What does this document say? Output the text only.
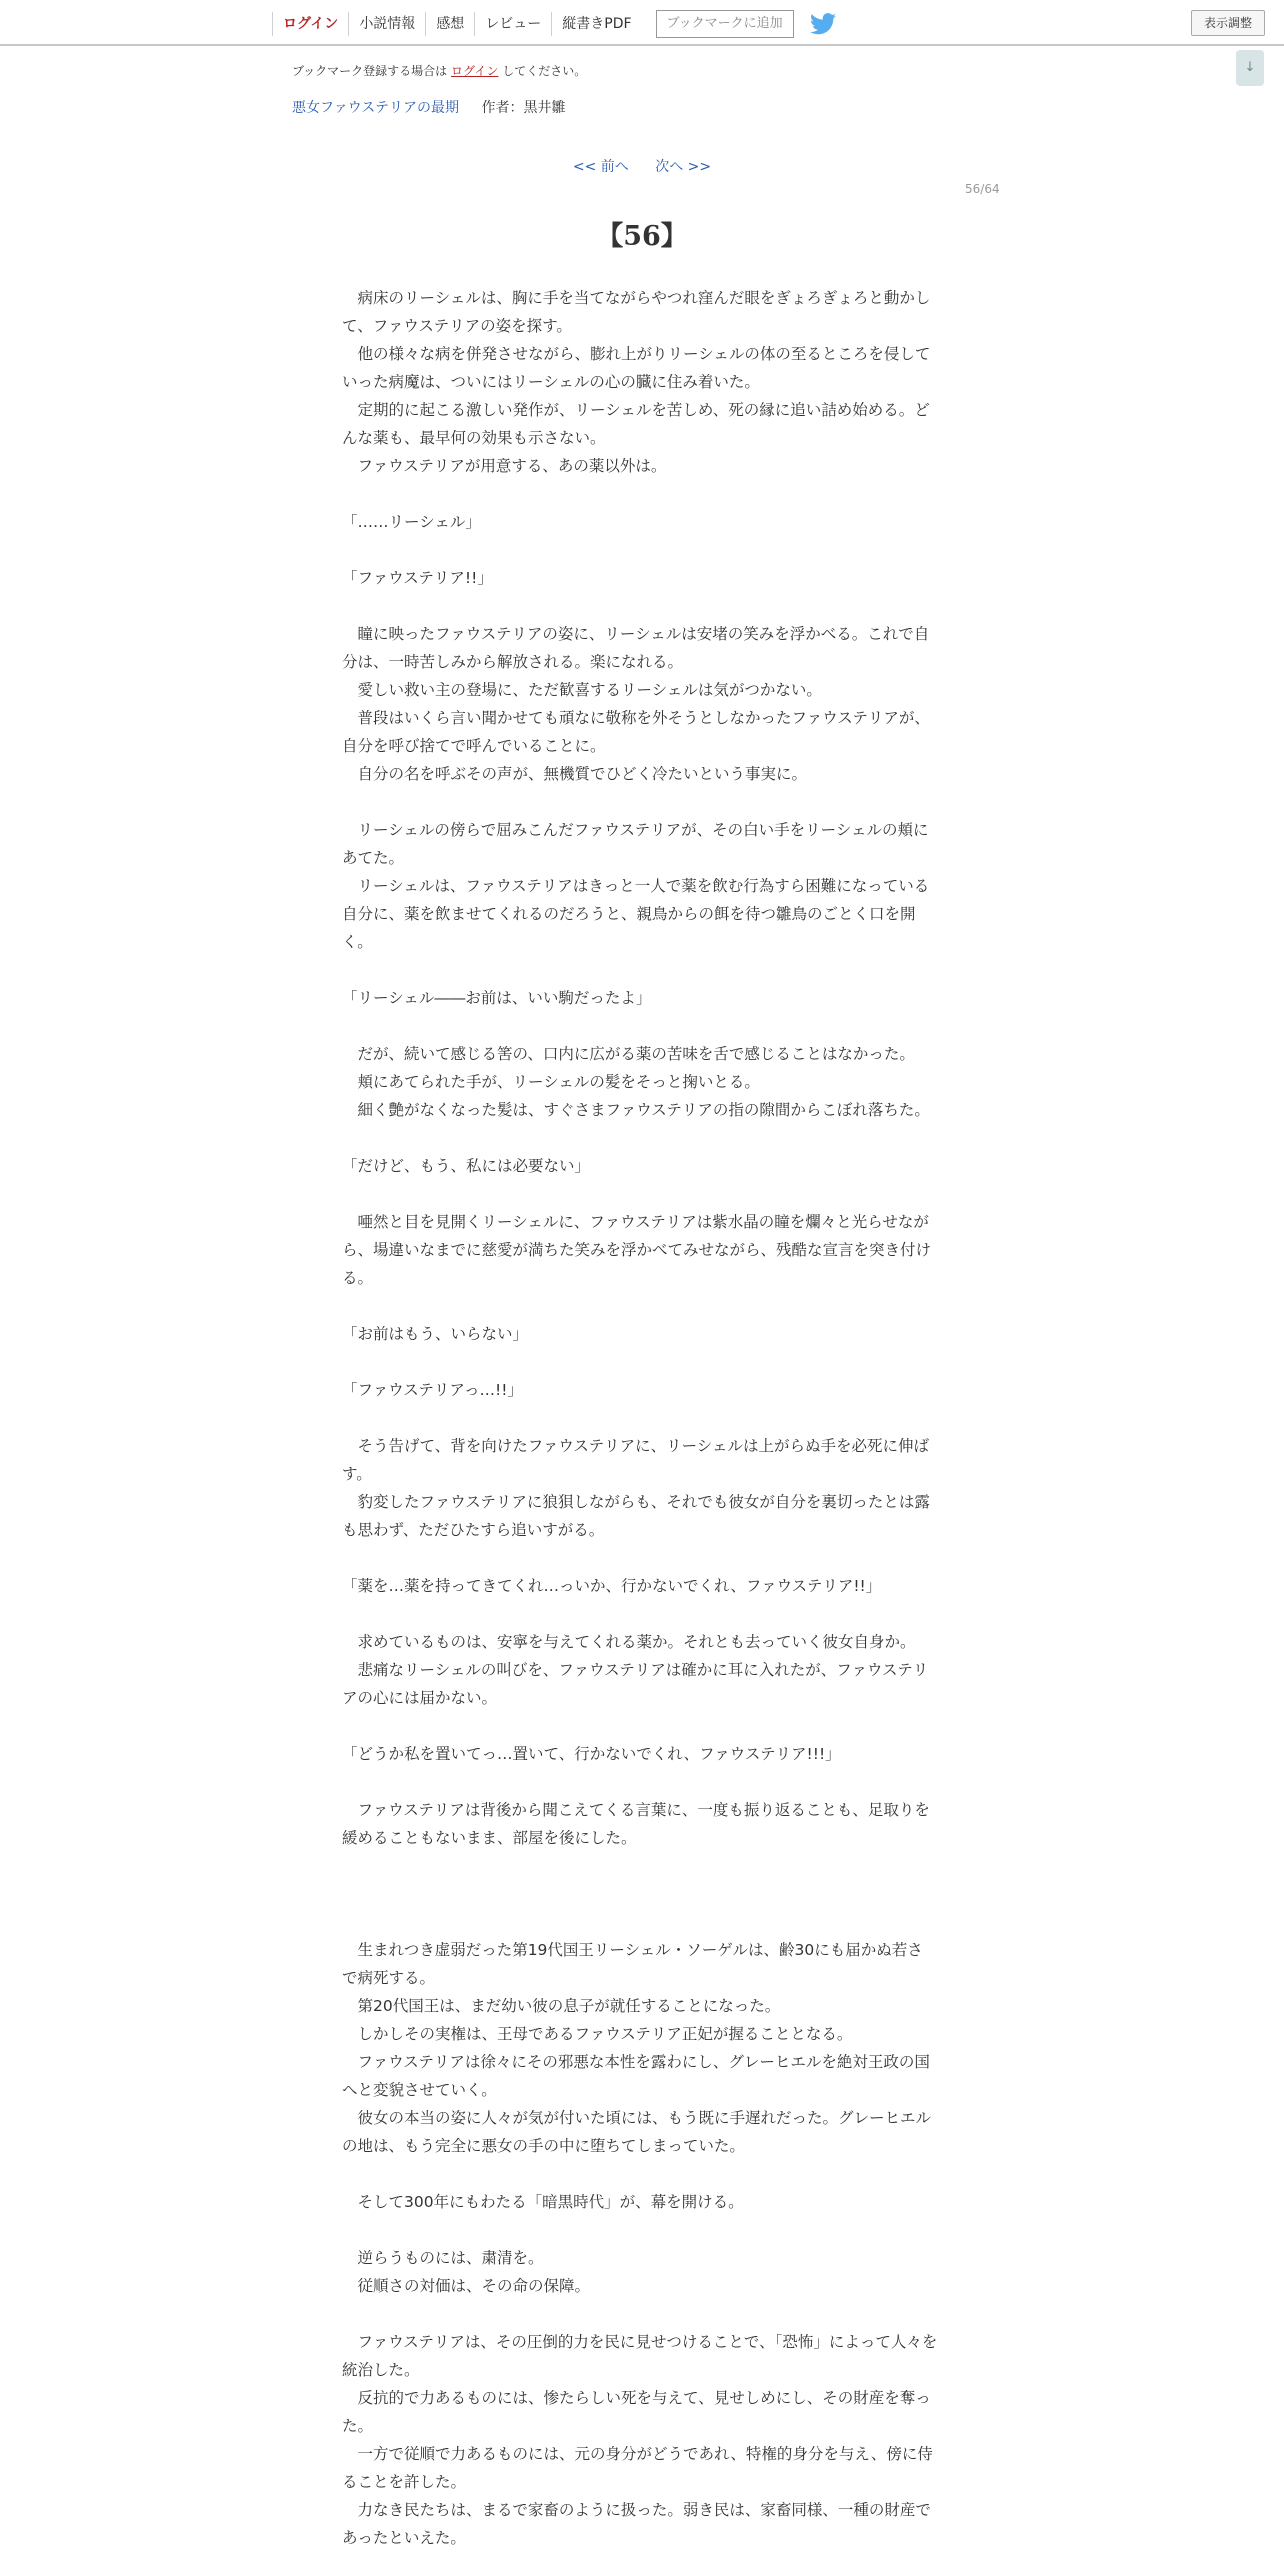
ログイン	小説情報	感想	レビュー	縦書きPDF	ブックマークに追加	表示調整
↓
ブックマーク登録する場合は ログイン してください。
悪女ファウステリアの最期 作者：黒井雛
<< 前へ 次へ >>
56/64
【56】

　病床のリーシェルは、胸に手を当てながらやつれ窪んだ眼をぎょろぎょろと動かして、ファウステリアの姿を探す。

　他の様々な病を併発させながら、膨れ上がりリーシェルの体の至るところを侵していった病魔は、ついにはリーシェルの心の臓に住み着いた。

　定期的に起こる激しい発作が、リーシェルを苦しめ、死の縁に追い詰め始める。どんな薬も、最早何の効果も示さない。

　ファウステリアが用意する、あの薬以外は。

「……リーシェル」

「ファウステリア!!」

　瞳に映ったファウステリアの姿に、リーシェルは安堵の笑みを浮かべる。これで自分は、一時苦しみから解放される。楽になれる。

　愛しい救い主の登場に、ただ歓喜するリーシェルは気がつかない。

　普段はいくら言い聞かせても頑なに敬称を外そうとしなかったファウステリアが、自分を呼び捨てで呼んでいることに。

　自分の名を呼ぶその声が、無機質でひどく冷たいという事実に。

　リーシェルの傍らで屈みこんだファウステリアが、その白い手をリーシェルの頬にあてた。

　リーシェルは、ファウステリアはきっと一人で薬を飲む行為すら困難になっている自分に、薬を飲ませてくれるのだろうと、親鳥からの餌を待つ雛鳥のごとく口を開く。

「リーシェル――お前は、いい駒だったよ」

　だが、続いて感じる筈の、口内に広がる薬の苦味を舌で感じることはなかった。

　頬にあてられた手が、リーシェルの髪をそっと掬いとる。

　細く艶がなくなった髪は、すぐさまファウステリアの指の隙間からこぼれ落ちた。

「だけど、もう、私には必要ない」

　唖然と目を見開くリーシェルに、ファウステリアは紫水晶の瞳を爛々と光らせながら、場違いなまでに慈愛が満ちた笑みを浮かべてみせながら、残酷な宣言を突き付ける。

「お前はもう、いらない」

「ファウステリアっ…!!」

　そう告げて、背を向けたファウステリアに、リーシェルは上がらぬ手を必死に伸ばす。

　豹変したファウステリアに狼狽しながらも、それでも彼女が自分を裏切ったとは露も思わず、ただひたすら追いすがる。

「薬を…薬を持ってきてくれ…っいか、行かないでくれ、ファウステリア!!」

　求めているものは、安寧を与えてくれる薬か。それとも去っていく彼女自身か。

　悲痛なリーシェルの叫びを、ファウステリアは確かに耳に入れたが、ファウステリアの心には届かない。

「どうか私を置いてっ…置いて、行かないでくれ、ファウステリア!!!」

　ファウステリアは背後から聞こえてくる言葉に、一度も振り返ることも、足取りを緩めることもないまま、部屋を後にした。

　生まれつき虚弱だった第19代国王リーシェル・ソーゲルは、齢30にも届かぬ若さで病死する。

　第20代国王は、まだ幼い彼の息子が就任することになった。

　しかしその実権は、王母であるファウステリア正妃が握ることとなる。

　ファウステリアは徐々にその邪悪な本性を露わにし、グレーヒエルを絶対王政の国へと変貌させていく。

　彼女の本当の姿に人々が気が付いた頃には、もう既に手遅れだった。グレーヒエルの地は、もう完全に悪女の手の中に堕ちてしまっていた。

　そして300年にもわたる「暗黒時代」が、幕を開ける。

　逆らうものには、粛清を。

　従順さの対価は、その命の保障。

　ファウステリアは、その圧倒的力を民に見せつけることで、「恐怖」によって人々を統治した。

　反抗的で力あるものには、惨たらしい死を与えて、見せしめにし、その財産を奪った。

　一方で従順で力あるものには、元の身分がどうであれ、特権的身分を与え、傍に侍ることを許した。

　力なき民たちは、まるで家畜のように扱った。弱き民は、家畜同様、一種の財産であったといえた。
